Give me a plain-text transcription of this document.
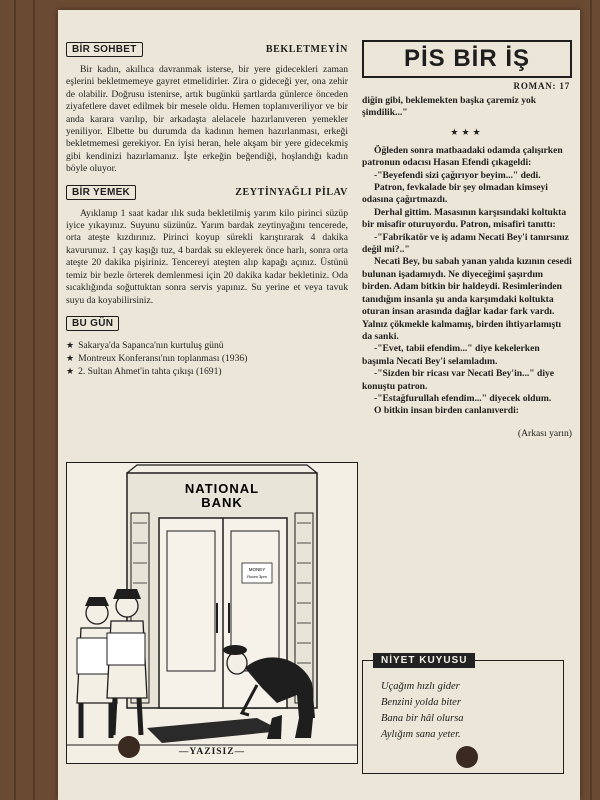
BİR SOHBET	BEKLETMEYİN

Bir kadın, akıllıca davranmak isterse, bir yere gidecekleri zaman eşlerini bekletmemeye gayret etmelidirler. Zira o gideceği yer, ona zehir de olabilir. Doğrusu istenirse, artık bugünkü şartlarda günlerce önceden ziyafetlere davet edilmek bir mesele oldu. Hemen toplanıveriliyor ve bir anda karara varılıp, bir arkadaşta alelacele hazırlanıveren yemekler yeniliyor. Elbette bu durumda da kadının hemen hazırlanması, erkeği bekletmemesi gerekiyor. En iyisi heran, hele akşam bir yere gidecekmiş gibi kendinizi hazırlamanız. İşte erkeğin beğendiği, hoşlandığı kadın böyle oluyor.

BİR YEMEK	ZEYTİNYAĞLI PİLAV

Ayıklanıp 1 saat kadar ılık suda bekletilmiş yarım kilo pirinci süzüp iyice yıkayınız. Suyunu süzünüz. Yarım bardak zeytinyağını tencerede, orta ateşte kızdırınız. Pirinci koyup sürekli karıştırarak 4 dakika kavurunuz. 1 çay kaşığı tuz, 4 bardak su ekleyerek önce harlı, sonra orta ateşte 20 dakika pişiriniz. Tencereyi ateşten alıp kapağı açınız. Üstünü temiz bir bezle örterek demlenmesi için 20 dakika kadar bekletiniz. Oda sıcaklığında soğuttuktan sonra servis yapınız. Su yerine et veya tavuk suyu da koyabilirsiniz.

BU GÜN
★ Sakarya'da Sapanca'nın kurtuluş günü
★ Montreux Konferansı'nın toplanması (1936)
★ 2. Sultan Ahmet'in tahta çıkışı (1691)
NATIONAL
BANK
MONEY
Room 3pm
—YAZISIZ—
PİS BİR İŞ
ROMAN: 17

diğin gibi, beklemekten başka çaremiz yok şimdilik..."

★★★

Öğleden sonra matbaadaki odamda çalışırken patronun odacısı Hasan Efendi çıkageldi:

-"Beyefendi sizi çağırıyor beyim..." dedi.

Patron, fevkalade bir şey olmadan kimseyi odasına çağırtmazdı.

Derhal gittim. Masasının karşısındaki koltukta bir misafir oturuyordu. Patron, misafiri tanıttı:

-"Fabrikatör ve iş adamı Necati Bey'i tanırsınız değil mi?.."

Necati Bey, bu sabah yanan yalıda kızının cesedi bulunan işadamıydı. Ne diyeceğimi şaşırdım birden. Adam bitkin bir haldeydi. Resimlerinden tanıdığım insanla şu anda karşımdaki koltukta oturan insan arasında dağlar kadar fark vardı. Yalnız çökmekle kalmamış, birden ihtiyarlamıştı da sanki.

-"Evet, tabii efendim..." diye kekelerken başımla Necati Bey'i selamladım.

-"Sizden bir ricası var Necati Bey'in..." diye konuştu patron.

-"Estağfurullah efendim..." diyecek oldum.

O bitkin insan birden canlanıverdi:

(Arkası yarın)
NİYET KUYUSU
Uçağım hızlı gider
Benzini yolda biter
Bana bir hâl olursa
Aylığım sana yeter.
